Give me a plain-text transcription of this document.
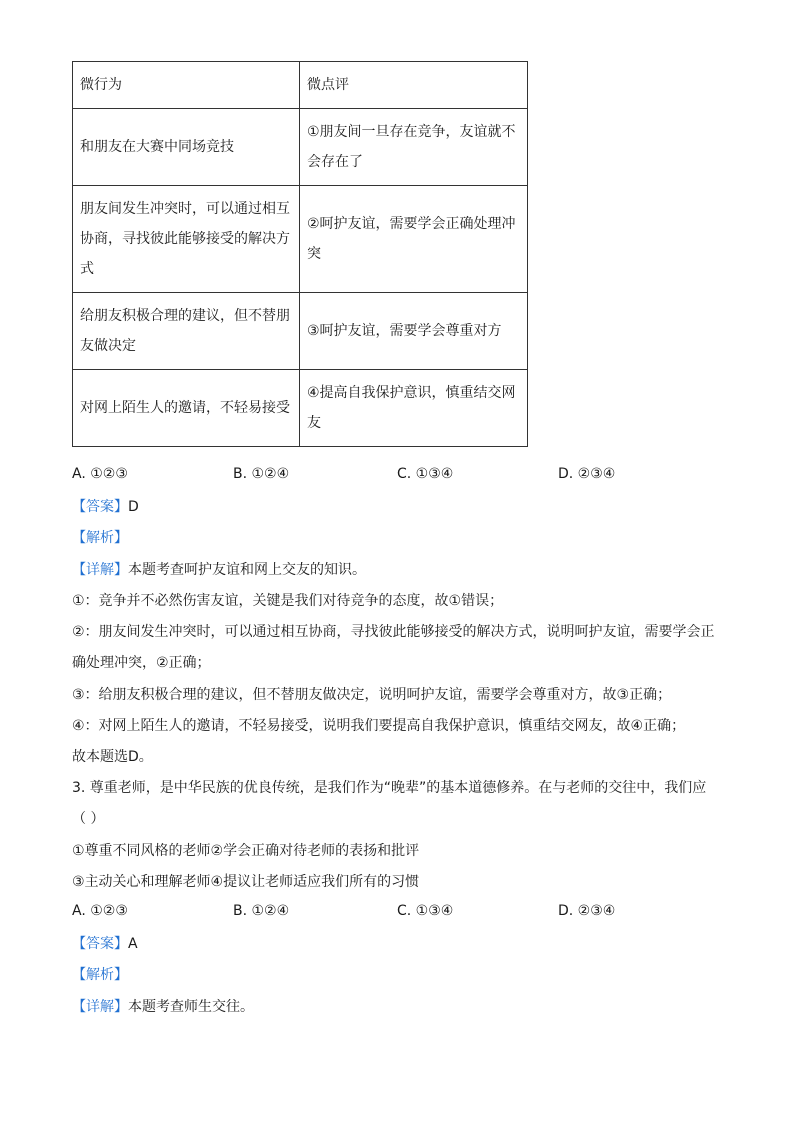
微行为	微点评
和朋友在大赛中同场竞技	①朋友间一旦存在竞争，友谊就不会存在了
朋友间发生冲突时，可以通过相互协商，寻找彼此能够接受的解决方式	②呵护友谊，需要学会正确处理冲突
给朋友积极合理的建议，但不替朋友做决定	③呵护友谊，需要学会尊重对方
对网上陌生人的邀请，不轻易接受	④提高自我保护意识，慎重结交网友
A. ①②③	B. ①②④	C. ①③④	D. ②③④
【答案】D
【解析】
【详解】本题考查呵护友谊和网上交友的知识。
①：竞争并不必然伤害友谊，关键是我们对待竞争的态度，故①错误；
②：朋友间发生冲突时，可以通过相互协商，寻找彼此能够接受的解决方式，说明呵护友谊，需要学会正
确处理冲突，②正确；
③：给朋友积极合理的建议，但不替朋友做决定，说明呵护友谊，需要学会尊重对方，故③正确；
④：对网上陌生人的邀请，不轻易接受，说明我们要提高自我保护意识，慎重结交网友，故④正确；
故本题选D。
3. 尊重老师，是中华民族的优良传统，是我们作为“晚辈”的基本道德修养。在与老师的交往中，我们应
（ ）
①尊重不同风格的老师②学会正确对待老师的表扬和批评
③主动关心和理解老师④提议让老师适应我们所有的习惯
A. ①②③	B. ①②④	C. ①③④	D. ②③④
【答案】A
【解析】
【详解】本题考查师生交往。
